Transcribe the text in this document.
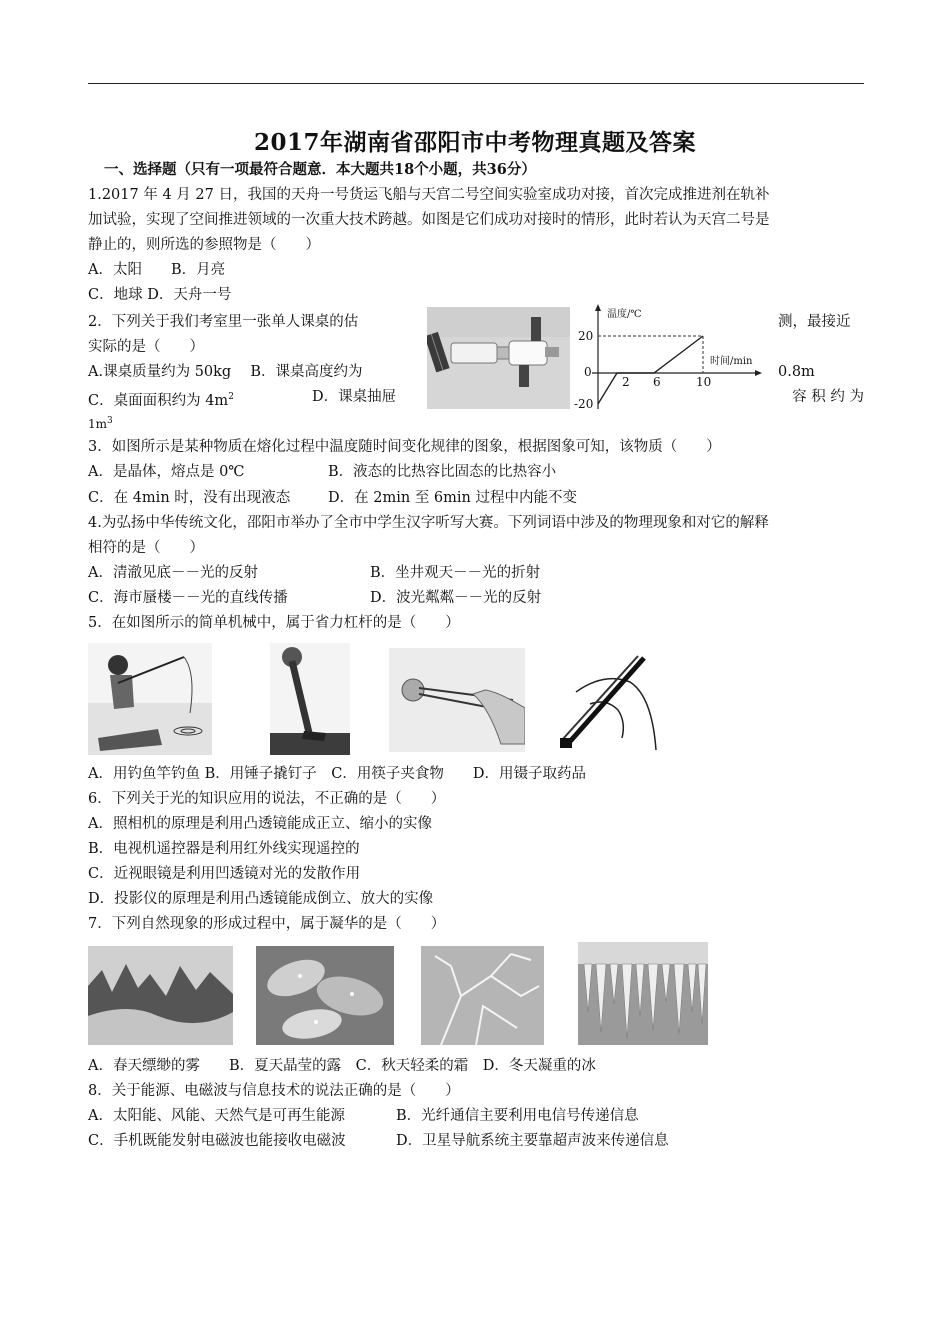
2017年湖南省邵阳市中考物理真题及答案
一、选择题（只有一项最符合题意．本大题共18个小题，共36分）
1.2017 年 4 月 27 日，我国的天舟一号货运飞船与天宫二号空间实验室成功对接，首次完成推进剂在轨补
加试验，实现了空间推进领域的一次重大技术跨越。如图是它们成功对接时的情形，此时若认为天宫二号是
静止的，则所选的参照物是（　　）
A．太阳　　B．月亮
C．地球 D．天舟一号
2．下列关于我们考室里一张单人课桌的估	测，最接近
实际的是（　　）
A.课桌质量约为 50kg　 B．课桌高度约为	0.8m
C．桌面面积约为 $4m^2$	D．课桌抽屉	容 积 约 为
$1m^3$
温度/℃
时间/min
20
0
-20
2 6	10
3．如图所示是某种物质在熔化过程中温度随时间变化规律的图象，根据图象可知，该物质（　　）
A．是晶体，熔点是 0℃	B．液态的比热容比固态的比热容小
C．在 4min 时，没有出现液态	D．在 2min 至 6min 过程中内能不变
4.为弘扬中华传统文化，邵阳市举办了全市中学生汉字听写大赛。下列词语中涉及的物理现象和对它的解释
相符的是（　　）
A．清澈见底－－光的反射	B．坐井观天－－光的折射
C．海市蜃楼－－光的直线传播	D．波光粼粼－－光的反射
5．在如图所示的简单机械中，属于省力杠杆的是（　　）
A．用钓鱼竿钓鱼 B．用锤子撬钉子　C．用筷子夹食物　　D．用镊子取药品
6．下列关于光的知识应用的说法，不正确的是（　　）
A．照相机的原理是利用凸透镜能成正立、缩小的实像
B．电视机遥控器是利用红外线实现遥控的
C．近视眼镜是利用凹透镜对光的发散作用
D．投影仪的原理是利用凸透镜能成倒立、放大的实像
7．下列自然现象的形成过程中，属于凝华的是（　　）
A．春天缥缈的雾　　B．夏天晶莹的露　C．秋天轻柔的霜　D．冬天凝重的冰
8．关于能源、电磁波与信息技术的说法正确的是（　　）
A．太阳能、风能、天然气是可再生能源	B．光纤通信主要利用电信号传递信息
C．手机既能发射电磁波也能接收电磁波	D．卫星导航系统主要靠超声波来传递信息
